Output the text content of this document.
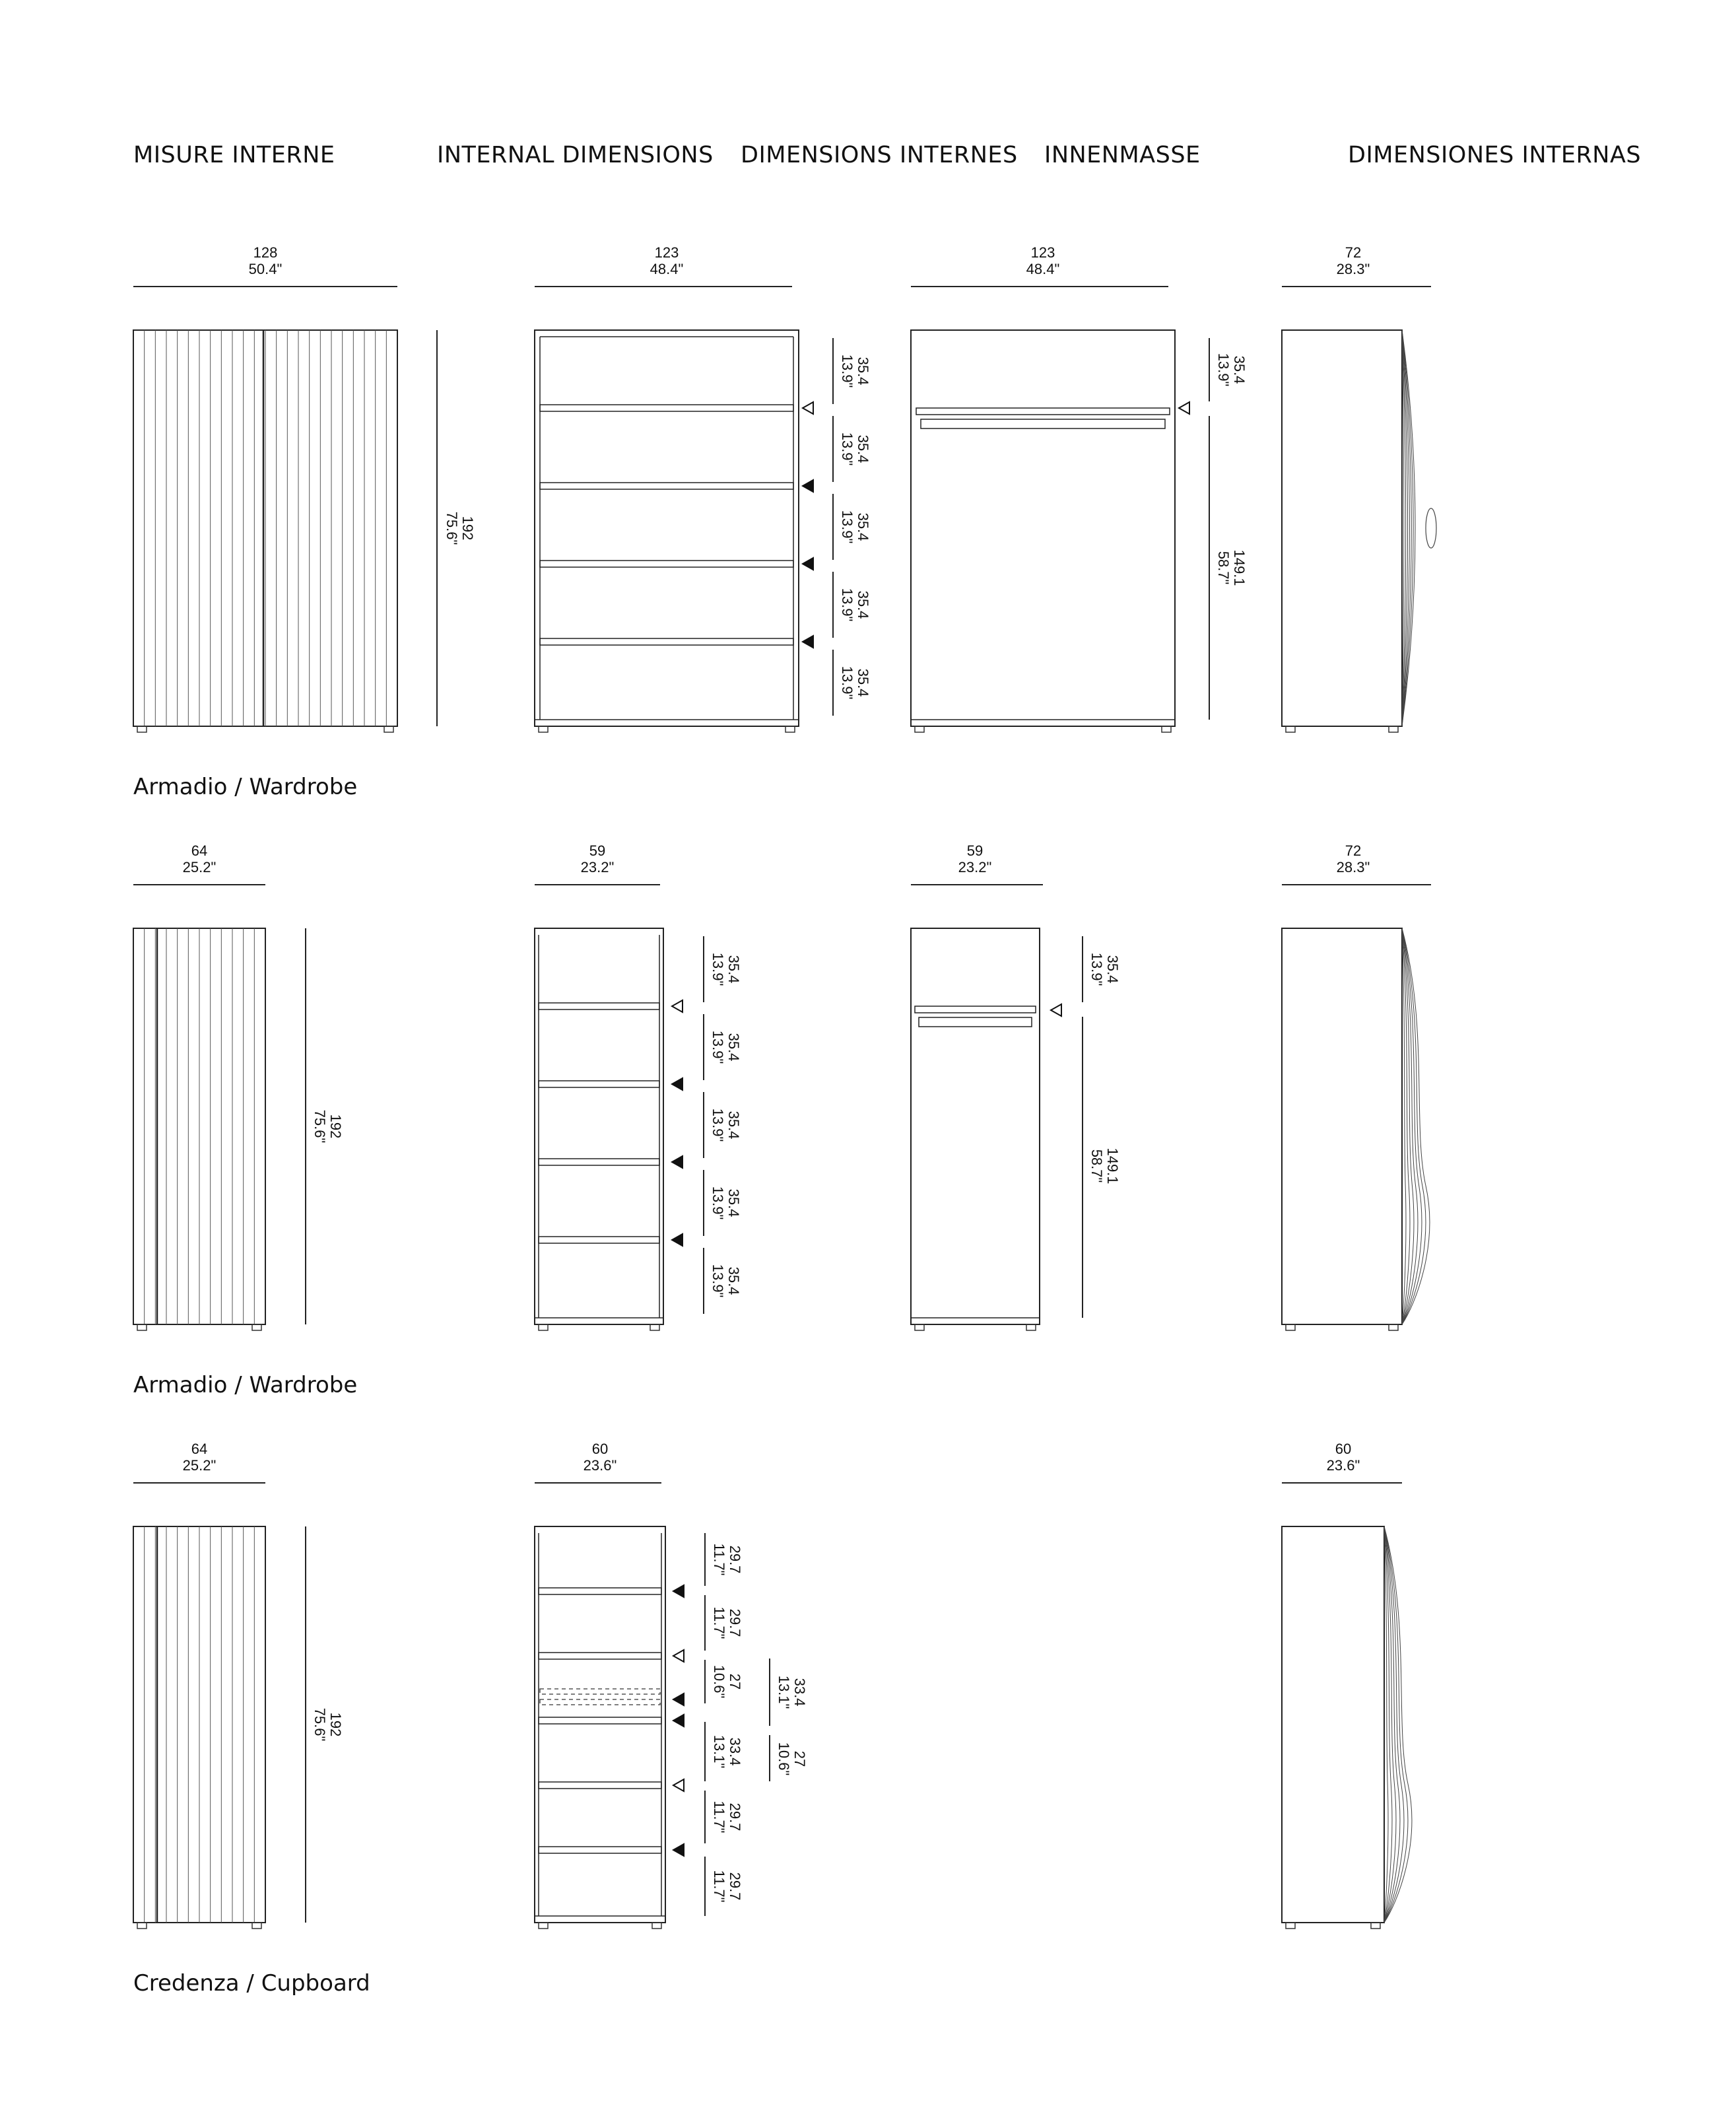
MISURE INTERNE	INTERNAL DIMENSIONS DIMENSIONS INTERNES INNENMASSE	DIMENSIONES INTERNAS
Armadio / Wardrobe
Armadio / Wardrobe
Credenza / Cupboard
128
50.4"
192
75.6"
123
48.4"
35.4
13.9"
35.4
13.9"
35.4
13.9"
35.4
13.9"
35.4
13.9"
123
48.4"
35.4
13.9"
149.1
58.7"
72
28.3"
64
25.2"
192
75.6"
59
23.2"
35.4
13.9"
35.4
13.9"
35.4
13.9"
35.4
13.9"
35.4
13.9"
59
23.2"
35.4
13.9"
149.1
58.7"
72
28.3"
64
25.2"
192
75.6"
60
23.6"
29.7
11.7"
29.7
11.7"
27
10.6"
33.4
13.1"
29.7
11.7"
29.7
11.7"
33.4
13.1"
27
10.6"
60
23.6"
